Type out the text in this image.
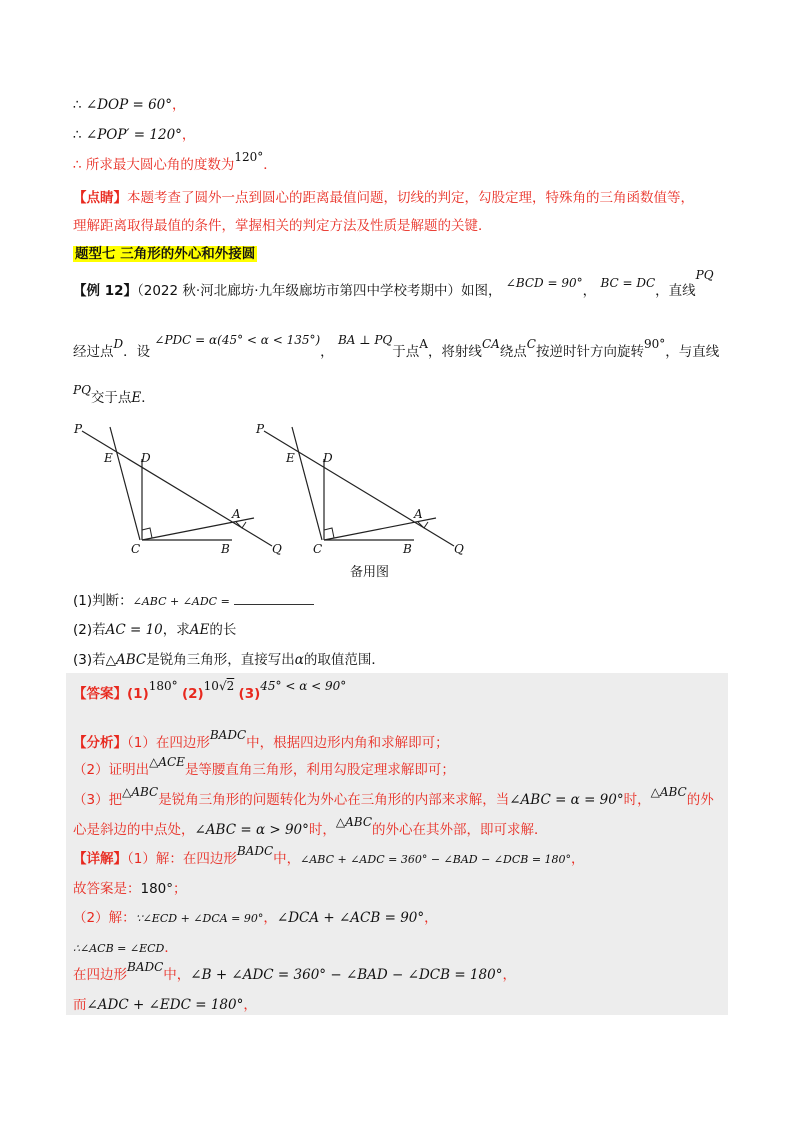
∴ ∠DOP = 60°，
∴ ∠POP′ = 120°，
∴ 所求最大圆心角的度数为120°．
【点睛】本题考查了圆外一点到圆心的距离最值问题，切线的判定，勾股定理，特殊角的三角函数值等，
理解距离取得最值的条件，掌握相关的判定方法及性质是解题的关键．
题型七 三角形的外心和外接圆
【例 12】（2022 秋·河北廊坊·九年级廊坊市第四中学校考期中）如图， ∠BCD = 90°， BC = DC，直线PQ
经过点D．设 ∠PDC = α(45° < α < 135°)， BA ⊥ PQ于点A，将射线CA绕点C按逆时针方向旋转90°，与直线
PQ交于点E．
P
E D
A
C	B	Q
P
E D
A
C	B	Q
备用图
(1)判断：∠ABC + ∠ADC =
(2)若AC = 10，求AE的长
(3)若△ABC是锐角三角形，直接写出α的取值范围．
【答案】(1)180° (2)10√2 (3)45° < α < 90°
【分析】（1）在四边形BADC中，根据四边形内角和求解即可；
（2）证明出△ACE是等腰直角三角形，利用勾股定理求解即可；
（3）把△ABC是锐角三角形的问题转化为外心在三角形的内部来求解，当∠ABC = α = 90°时，△ABC的外
心是斜边的中点处，∠ABC = α > 90°时，△ABC的外心在其外部，即可求解．
【详解】（1）解：在四边形BADC中，∠ABC + ∠ADC = 360° − ∠BAD − ∠DCB = 180°，
故答案是：180°；
（2）解：∵∠ECD + ∠DCA = 90°，∠DCA + ∠ACB = 90°，
∴∠ACB = ∠ECD．
在四边形BADC中，∠B + ∠ADC = 360° − ∠BAD − ∠DCB = 180°，
而∠ADC + ∠EDC = 180°，
